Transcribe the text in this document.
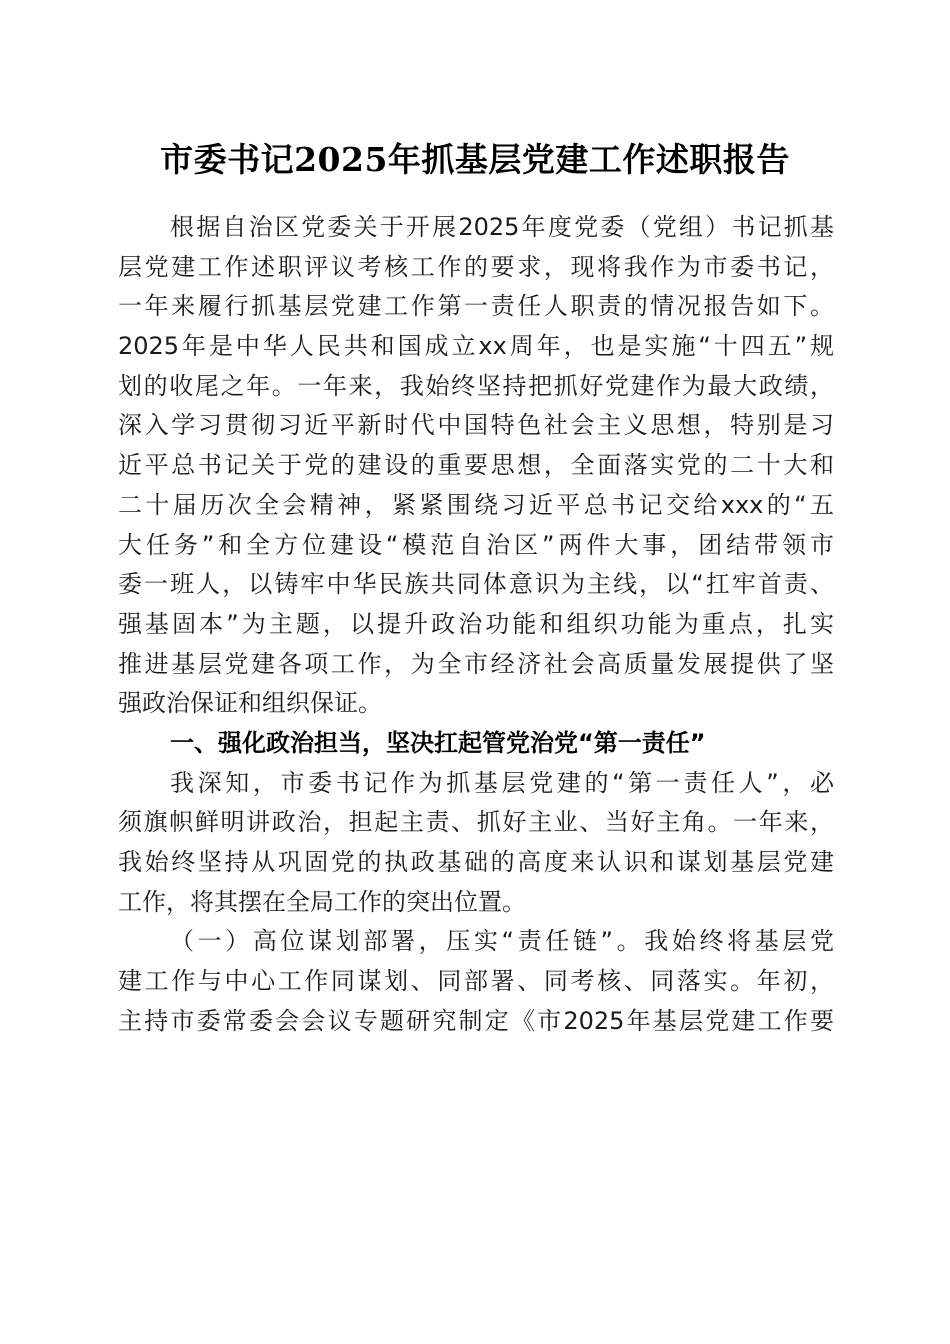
市委书记2025年抓基层党建工作述职报告
根据自治区党委关于开展2025年度党委（党组）书记抓基
层党建工作述职评议考核工作的要求，现将我作为市委书记，
一年来履行抓基层党建工作第一责任人职责的情况报告如下。
2025年是中华人民共和国成立xx周年，也是实施“十四五”规
划的收尾之年。一年来，我始终坚持把抓好党建作为最大政绩，
深入学习贯彻习近平新时代中国特色社会主义思想，特别是习
近平总书记关于党的建设的重要思想，全面落实党的二十大和
二十届历次全会精神，紧紧围绕习近平总书记交给xxx的“五
大任务”和全方位建设“模范自治区”两件大事，团结带领市
委一班人，以铸牢中华民族共同体意识为主线，以“扛牢首责、
强基固本”为主题，以提升政治功能和组织功能为重点，扎实
推进基层党建各项工作，为全市经济社会高质量发展提供了坚
强政治保证和组织保证。
一、强化政治担当，坚决扛起管党治党“第一责任”
我深知，市委书记作为抓基层党建的“第一责任人”，必
须旗帜鲜明讲政治，担起主责、抓好主业、当好主角。一年来，
我始终坚持从巩固党的执政基础的高度来认识和谋划基层党建
工作，将其摆在全局工作的突出位置。
（一）高位谋划部署，压实“责任链”。我始终将基层党
建工作与中心工作同谋划、同部署、同考核、同落实。年初，
主持市委常委会会议专题研究制定《市2025年基层党建工作要
